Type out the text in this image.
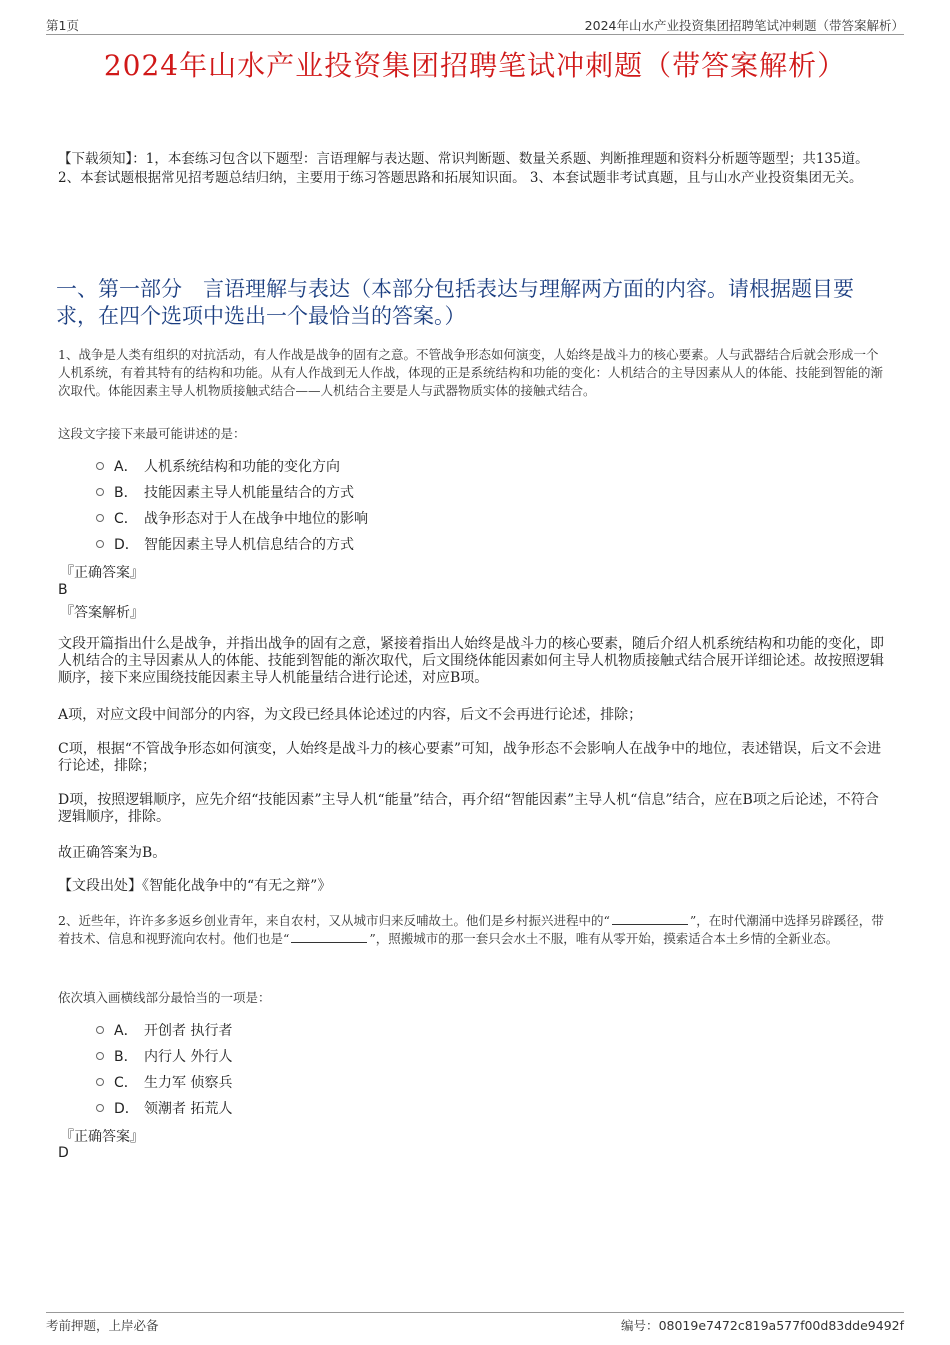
第1页	2024年山水产业投资集团招聘笔试冲刺题（带答案解析）
2024年山水产业投资集团招聘笔试冲刺题（带答案解析）
【下载须知】：1，本套练习包含以下题型：言语理解与表达题、常识判断题、数量关系题、判断推理题和资料分析题等题型；共135道。 2、本套试题根据常见招考题总结归纳，主要用于练习答题思路和拓展知识面。 3、本套试题非考试真题，且与山水产业投资集团无关。
一、第一部分　言语理解与表达（本部分包括表达与理解两方面的内容。请根据题目要求，在四个选项中选出一个最恰当的答案。）
1、战争是人类有组织的对抗活动，有人作战是战争的固有之意。不管战争形态如何演变，人始终是战斗力的核心要素。人与武器结合后就会形成一个人机系统，有着其特有的结构和功能。从有人作战到无人作战，体现的正是系统结构和功能的变化：人机结合的主导因素从人的体能、技能到智能的渐次取代。体能因素主导人机物质接触式结合——人机结合主要是人与武器物质实体的接触式结合。
这段文字接下来最可能讲述的是：
A． 人机系统结构和功能的变化方向
B． 技能因素主导人机能量结合的方式
C． 战争形态对于人在战争中地位的影响
D． 智能因素主导人机信息结合的方式
『正确答案』
B
『答案解析』
文段开篇指出什么是战争，并指出战争的固有之意，紧接着指出人始终是战斗力的核心要素，随后介绍人机系统结构和功能的变化，即人机结合的主导因素从人的体能、技能到智能的渐次取代，后文围绕体能因素如何主导人机物质接触式结合展开详细论述。故按照逻辑顺序，接下来应围绕技能因素主导人机能量结合进行论述，对应B项。
A项，对应文段中间部分的内容，为文段已经具体论述过的内容，后文不会再进行论述，排除；
C项，根据“不管战争形态如何演变，人始终是战斗力的核心要素”可知，战争形态不会影响人在战争中的地位，表述错误，后文不会进行论述，排除；
D项，按照逻辑顺序，应先介绍“技能因素”主导人机“能量”结合，再介绍“智能因素”主导人机“信息”结合，应在B项之后论述，不符合逻辑顺序，排除。
故正确答案为B。
【文段出处】《智能化战争中的“有无之辩”》
2、近些年，许许多多返乡创业青年，来自农村，又从城市归来反哺故土。他们是乡村振兴进程中的“	”，在时代潮涌中选择另辟蹊径，带着技术、信息和视野流向农村。他们也是“	”，照搬城市的那一套只会水土不服，唯有从零开始，摸索适合本土乡情的全新业态。
依次填入画横线部分最恰当的一项是：
A． 开创者 执行者
B． 内行人 外行人
C． 生力军 侦察兵
D． 领潮者 拓荒人
『正确答案』
D
考前押题，上岸必备	编号：08019e7472c819a577f00d83dde9492f
